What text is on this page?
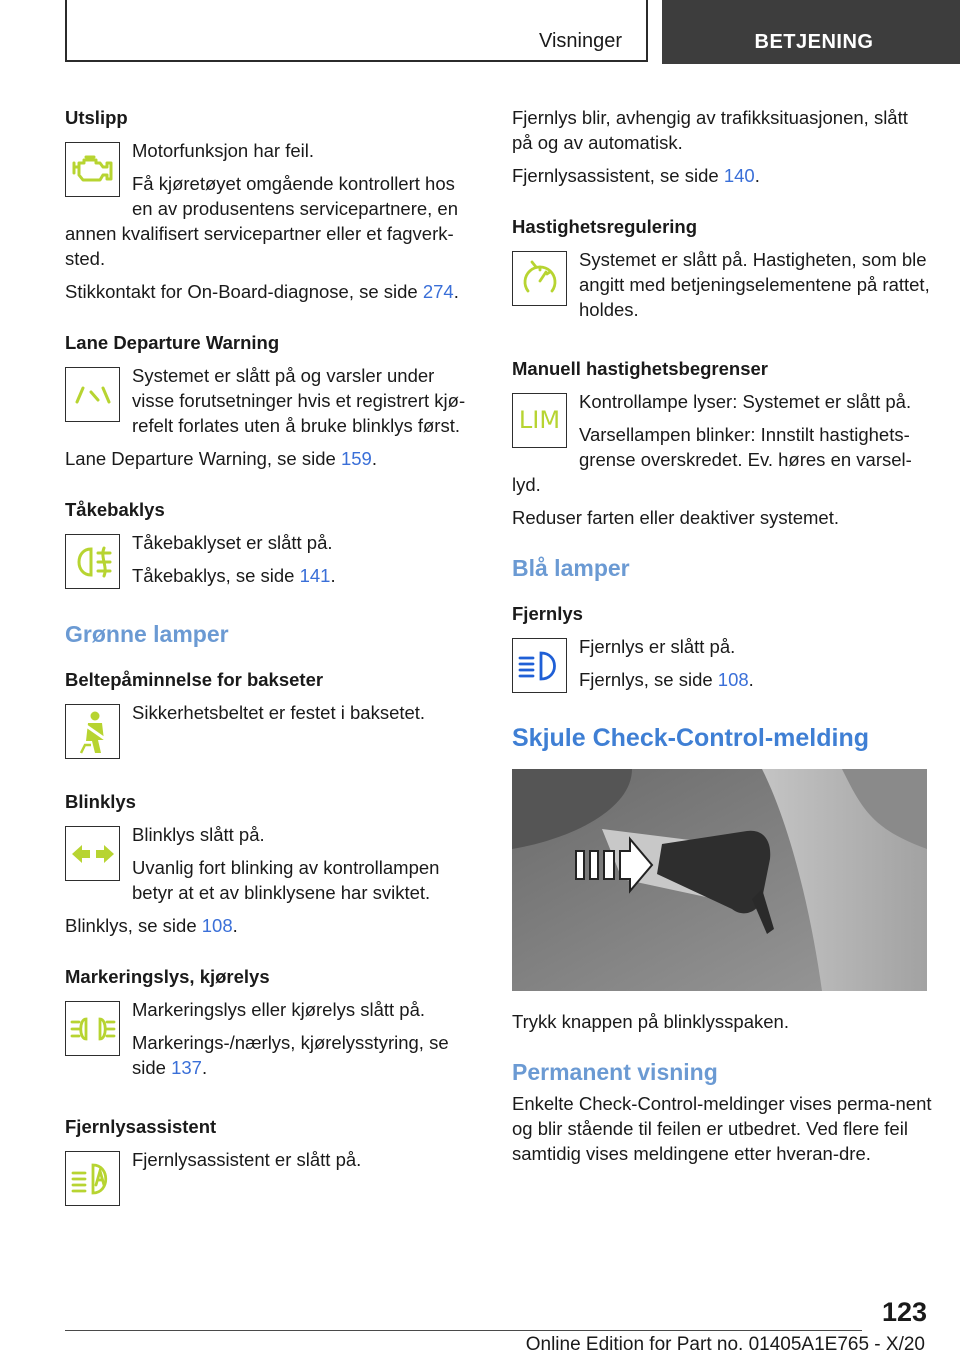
Visninger	BETJENING
Utslipp
Motorfunksjon har feil.
Få kjøretøyet omgående kontrollert hos en av produsentens servicepartnere, en annen kvalifisert servicepartner eller et fagverk-sted.
Stikkontakt for On-Board-diagnose, se side 274.
Lane Departure Warning
Systemet er slått på og varsler under visse forutsetninger hvis et registrert kjø-refelt forlates uten å bruke blinklys først.
Lane Departure Warning, se side 159.
Tåkebaklys
Tåkebaklyset er slått på.
Tåkebaklys, se side 141.
Grønne lamper
Beltepåminnelse for bakseter
Sikkerhetsbeltet er festet i baksetet.
Blinklys
Blinklys slått på.
Uvanlig fort blinking av kontrollampen betyr at et av blinklysene har sviktet.
Blinklys, se side 108.
Markeringslys, kjørelys
Markeringslys eller kjørelys slått på.
Markerings-/nærlys, kjørelysstyring, se side 137.
Fjernlysassistent
Fjernlysassistent er slått på.
Fjernlys blir, avhengig av trafikksituasjonen, slått på og av automatisk.
Fjernlysassistent, se side 140.
Hastighetsregulering
Systemet er slått på. Hastigheten, som ble angitt med betjeningselementene på rattet, holdes.
Manuell hastighetsbegrenser
LIM
Kontrollampe lyser: Systemet er slått på.
Varsellampen blinker: Innstilt hastighets-grense overskredet. Ev. høres en varsel-lyd.
Reduser farten eller deaktiver systemet.
Blå lamper
Fjernlys
Fjernlys er slått på.
Fjernlys, se side 108.
Skjule Check-Control-melding
Trykk knappen på blinklysspaken.
Permanent visning
Enkelte Check-Control-meldinger vises perma-nent og blir stående til feilen er utbedret. Ved flere feil samtidig vises meldingene etter hveran-dre.
123
Online Edition for Part no. 01405A1E765 - X/20
